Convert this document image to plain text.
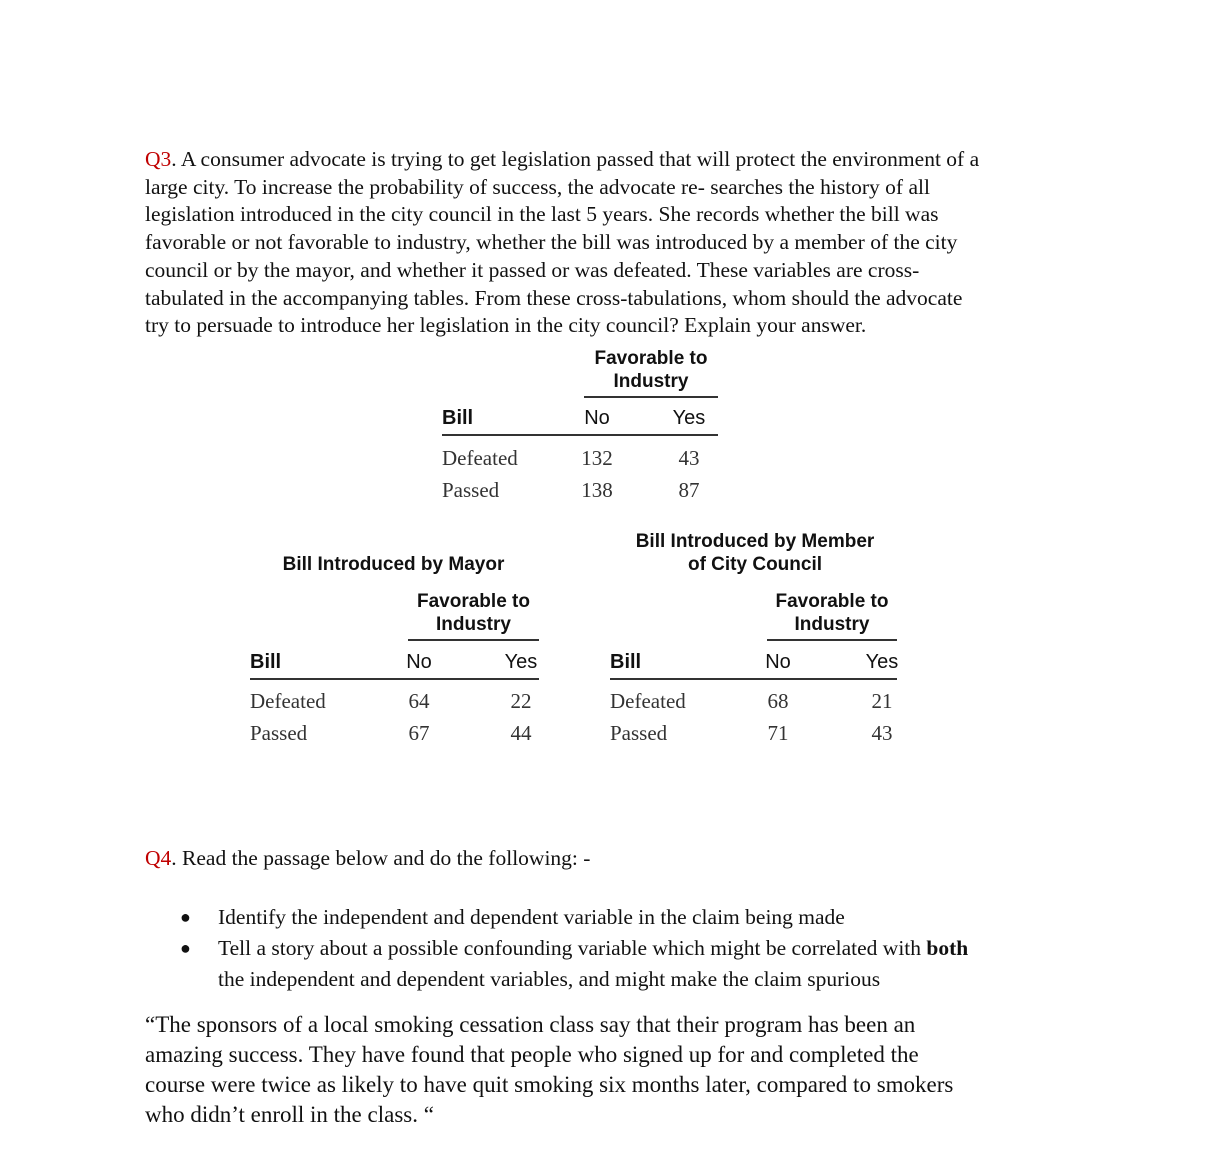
Q3. A consumer advocate is trying to get legislation passed that will protect the environment of a
large city. To increase the probability of success, the advocate re- searches the history of all
legislation introduced in the city council in the last 5 years. She records whether the bill was
favorable or not favorable to industry, whether the bill was introduced by a member of the city
council or by the mayor, and whether it passed or was defeated. These variables are cross-
tabulated in the accompanying tables. From these cross-tabulations, whom should the advocate
try to persuade to introduce her legislation in the city council? Explain your answer.
Favorable to
Industry
Bill	No	Yes
Defeated	132	43
Passed	138	87
Bill Introduced by Mayor
Favorable to
Industry
Bill	No	Yes
Defeated	64	22
Passed	67	44
Bill Introduced by Member
of City Council
Favorable to
Industry
Bill	No	Yes
Defeated	68	21
Passed	71	43
Q4. Read the passage below and do the following: -
● Identify the independent and dependent variable in the claim being made
● Tell a story about a possible confounding variable which might be correlated with both
the independent and dependent variables, and might make the claim spurious
“The sponsors of a local smoking cessation class say that their program has been an
amazing success. They have found that people who signed up for and completed the
course were twice as likely to have quit smoking six months later, compared to smokers
who didn’t enroll in the class. “
